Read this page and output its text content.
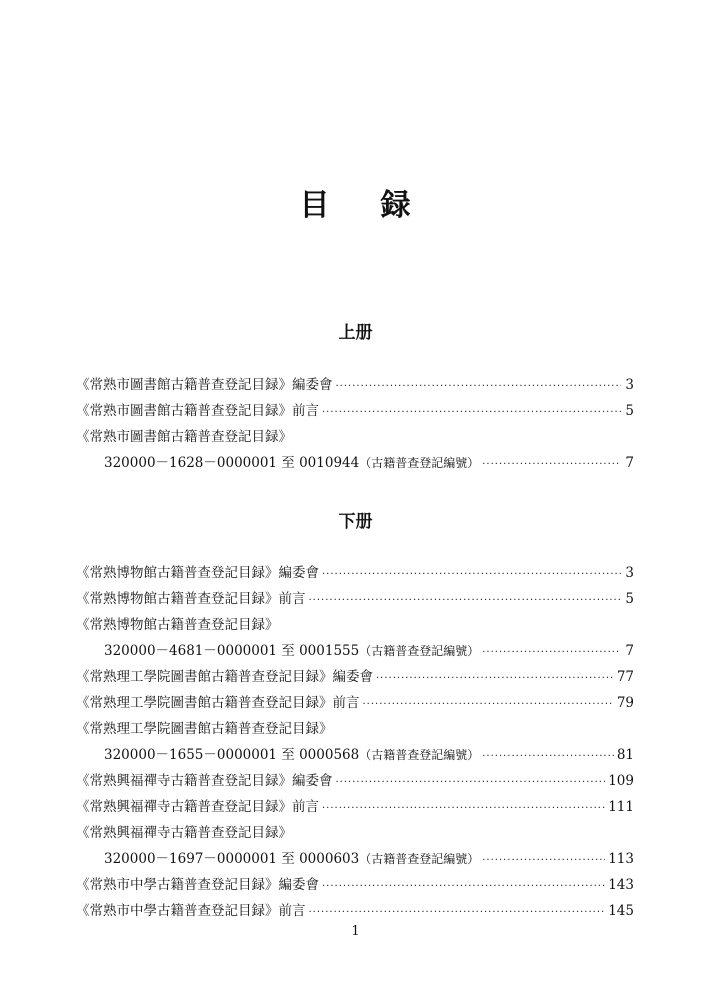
目 録
上册
《常熟市圖書館古籍普查登記目録》編委會 ·····	3
《常熟市圖書館古籍普查登記目録》前言 ·····	5
《常熟市圖書館古籍普查登記目録》
320000－1628－0000001 至 0010944（古籍普查登記編號） ·····	7
下册
《常熟博物館古籍普查登記目録》編委會 ·····	3
《常熟博物館古籍普查登記目録》前言 ·····	5
《常熟博物館古籍普查登記目録》
320000－4681－0000001 至 0001555（古籍普查登記編號） ·····	7
《常熟理工學院圖書館古籍普查登記目録》編委會 ·····	77
《常熟理工學院圖書館古籍普查登記目録》前言 ·····	79
《常熟理工學院圖書館古籍普查登記目録》
320000－1655－0000001 至 0000568（古籍普查登記編號） ·····	81
《常熟興福禪寺古籍普查登記目録》編委會 ·····	109
《常熟興福禪寺古籍普查登記目録》前言 ·····	111
《常熟興福禪寺古籍普查登記目録》
320000－1697－0000001 至 0000603（古籍普查登記編號） ·····	113
《常熟市中學古籍普查登記目録》編委會 ·····	143
《常熟市中學古籍普查登記目録》前言 ·····	145
1
